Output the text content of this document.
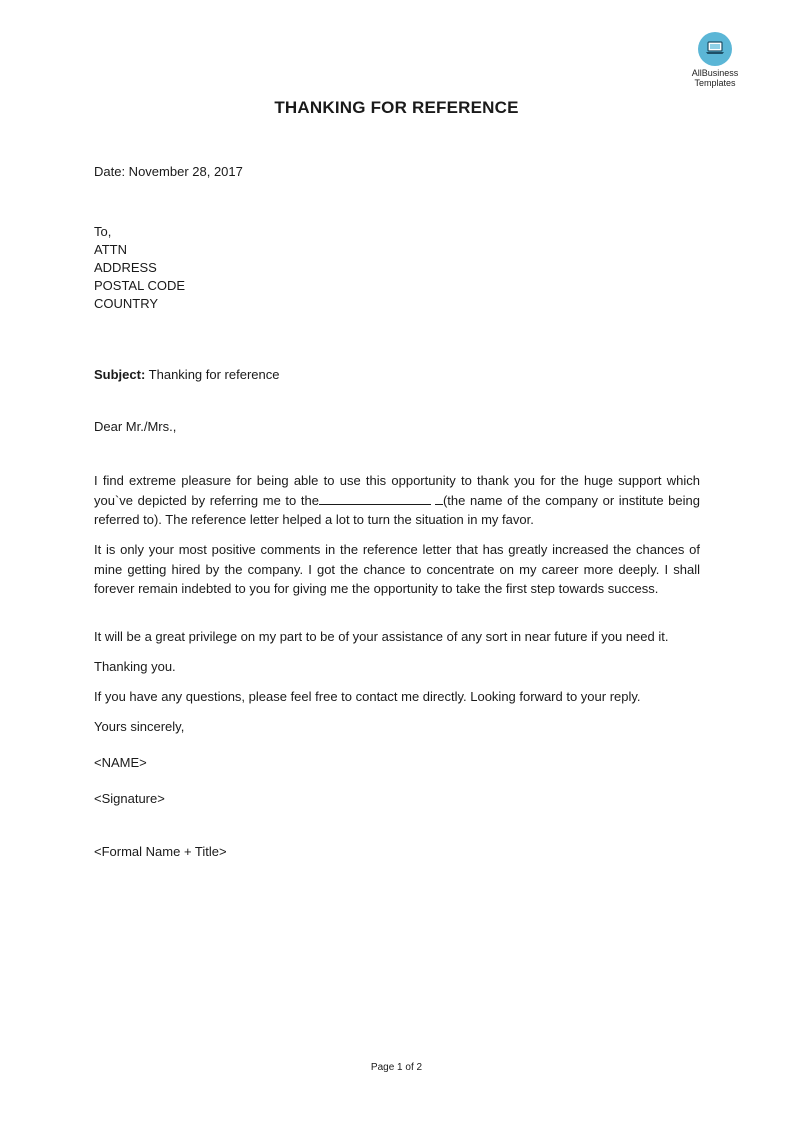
AllBusiness
Templates
THANKING FOR REFERENCE
Date: November 28, 2017
To,
ATTN
ADDRESS
POSTAL CODE
COUNTRY
Subject: Thanking for reference
Dear Mr./Mrs.,

I find extreme pleasure for being able to use this opportunity to thank you for the huge support which you`ve depicted by referring me to the	(the name of the company or institute being referred to). The reference letter helped a lot to turn the situation in my favor.

It is only your most positive comments in the reference letter that has greatly increased the chances of mine getting hired by the company. I got the chance to concentrate on my career more deeply. I shall forever remain indebted to you for giving me the opportunity to take the first step towards success.

It will be a great privilege on my part to be of your assistance of any sort in near future if you need it.

Thanking you.

If you have any questions, please feel free to contact me directly. Looking forward to your reply.

Yours sincerely,

<NAME>

<Signature>

<Formal Name + Title>

Page 1 of 2
